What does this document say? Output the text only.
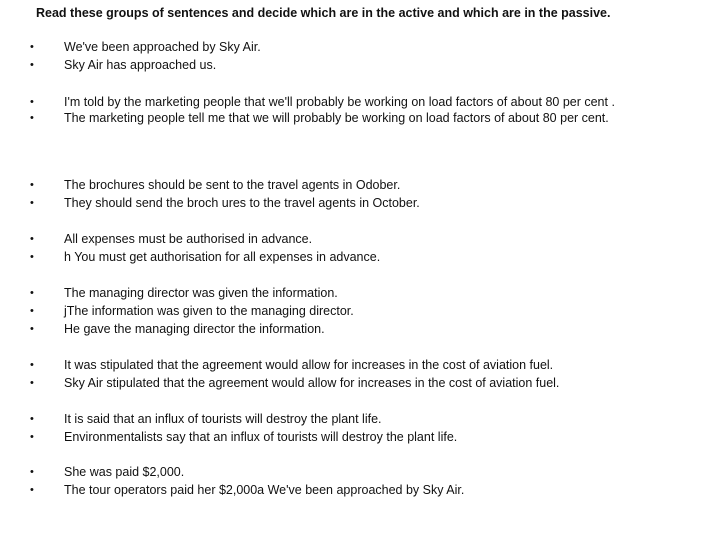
Read these groups of sentences and decide which are in the active and which are in the passive.
•	We've been approached by Sky Air.
•	Sky Air has approached us.
•	I'm told by the marketing people that we'll probably be working on load factors of about 80 per cent .
•	The marketing people tell me that we will probably be working on load factors of about 80 per cent.
•	The brochures should be sent to the travel agents in Odober.
•	They should send the broch ures to the travel agents in October.
•	All expenses must be authorised in advance.
•	h You must get authorisation for all expenses in advance.
•	The managing director was given the information.
•	jThe information was given to the managing director.
•	He gave the managing director the information.
•	It was stipulated that the agreement would allow for increases in the cost of aviation fuel.
•	Sky Air stipulated that the agreement would allow for increases in the cost of aviation fuel.
•	It is said that an influx of tourists will destroy the plant life.
•	Environmentalists say that an influx of tourists will destroy the plant life.
•	She was paid $2,000.
•	The tour operators paid her $2,000a We've been approached by Sky Air.
